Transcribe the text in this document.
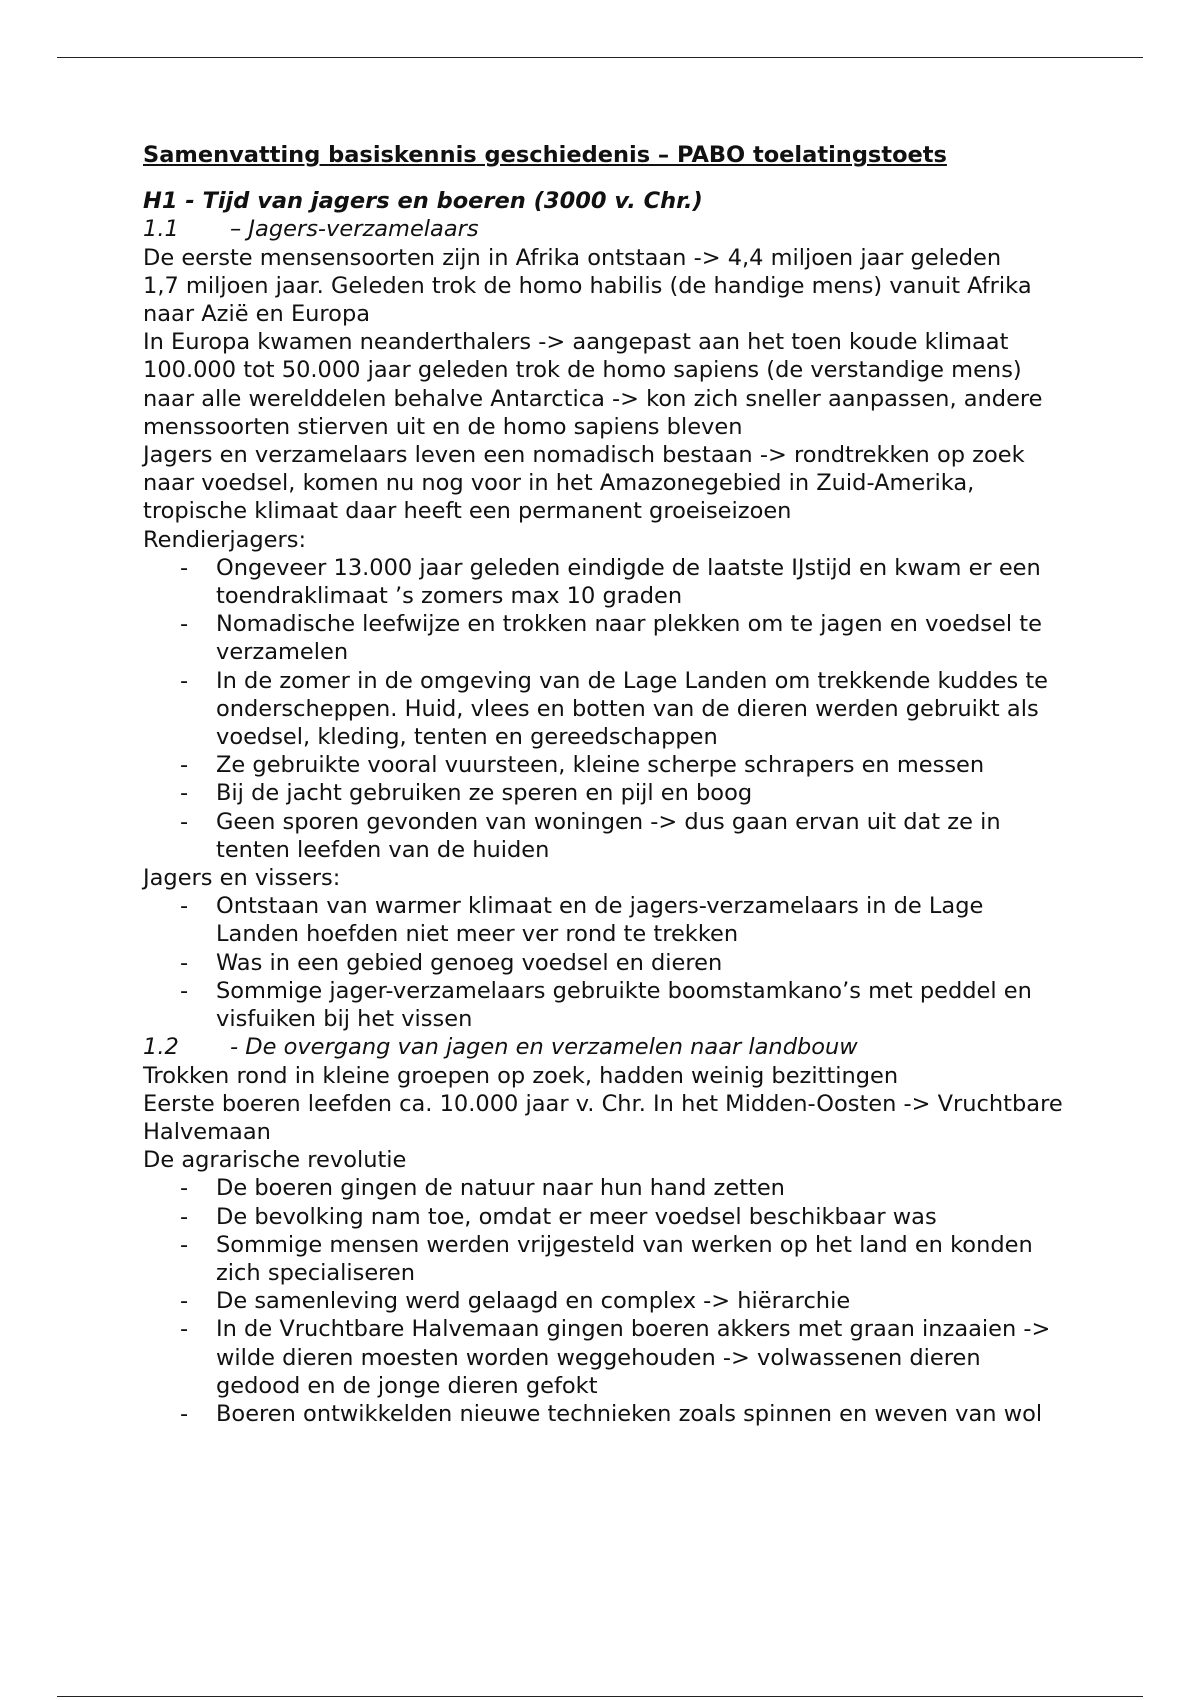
Samenvatting basiskennis geschiedenis – PABO toelatingstoets
H1 - Tijd van jagers en boeren (3000 v. Chr.)
1.1 – Jagers-verzamelaars
De eerste mensensoorten zijn in Afrika ontstaan -> 4,4 miljoen jaar geleden
1,7 miljoen jaar. Geleden trok de homo habilis (de handige mens) vanuit Afrika naar Azië en Europa
In Europa kwamen neanderthalers -> aangepast aan het toen koude klimaat
100.000 tot 50.000 jaar geleden trok de homo sapiens (de verstandige mens) naar alle werelddelen behalve Antarctica -> kon zich sneller aanpassen, andere menssoorten stierven uit en de homo sapiens bleven
Jagers en verzamelaars leven een nomadisch bestaan -> rondtrekken op zoek naar voedsel, komen nu nog voor in het Amazonegebied in Zuid-Amerika, tropische klimaat daar heeft een permanent groeiseizoen
Rendierjagers:
- Ongeveer 13.000 jaar geleden eindigde de laatste IJstijd en kwam er een toendraklimaat ’s zomers max 10 graden
- Nomadische leefwijze en trokken naar plekken om te jagen en voedsel te verzamelen
- In de zomer in de omgeving van de Lage Landen om trekkende kuddes te onderscheppen. Huid, vlees en botten van de dieren werden gebruikt als voedsel, kleding, tenten en gereedschappen
- Ze gebruikte vooral vuursteen, kleine scherpe schrapers en messen
- Bij de jacht gebruiken ze speren en pijl en boog
- Geen sporen gevonden van woningen -> dus gaan ervan uit dat ze in tenten leefden van de huiden
Jagers en vissers:
- Ontstaan van warmer klimaat en de jagers-verzamelaars in de Lage Landen hoefden niet meer ver rond te trekken
- Was in een gebied genoeg voedsel en dieren
- Sommige jager-verzamelaars gebruikte boomstamkano’s met peddel en visfuiken bij het vissen
1.2 - De overgang van jagen en verzamelen naar landbouw
Trokken rond in kleine groepen op zoek, hadden weinig bezittingen
Eerste boeren leefden ca. 10.000 jaar v. Chr. In het Midden-Oosten -> Vruchtbare Halvemaan
De agrarische revolutie
- De boeren gingen de natuur naar hun hand zetten
- De bevolking nam toe, omdat er meer voedsel beschikbaar was
- Sommige mensen werden vrijgesteld van werken op het land en konden zich specialiseren
- De samenleving werd gelaagd en complex -> hiërarchie
- In de Vruchtbare Halvemaan gingen boeren akkers met graan inzaaien -> wilde dieren moesten worden weggehouden -> volwassenen dieren gedood en de jonge dieren gefokt
- Boeren ontwikkelden nieuwe technieken zoals spinnen en weven van wol
